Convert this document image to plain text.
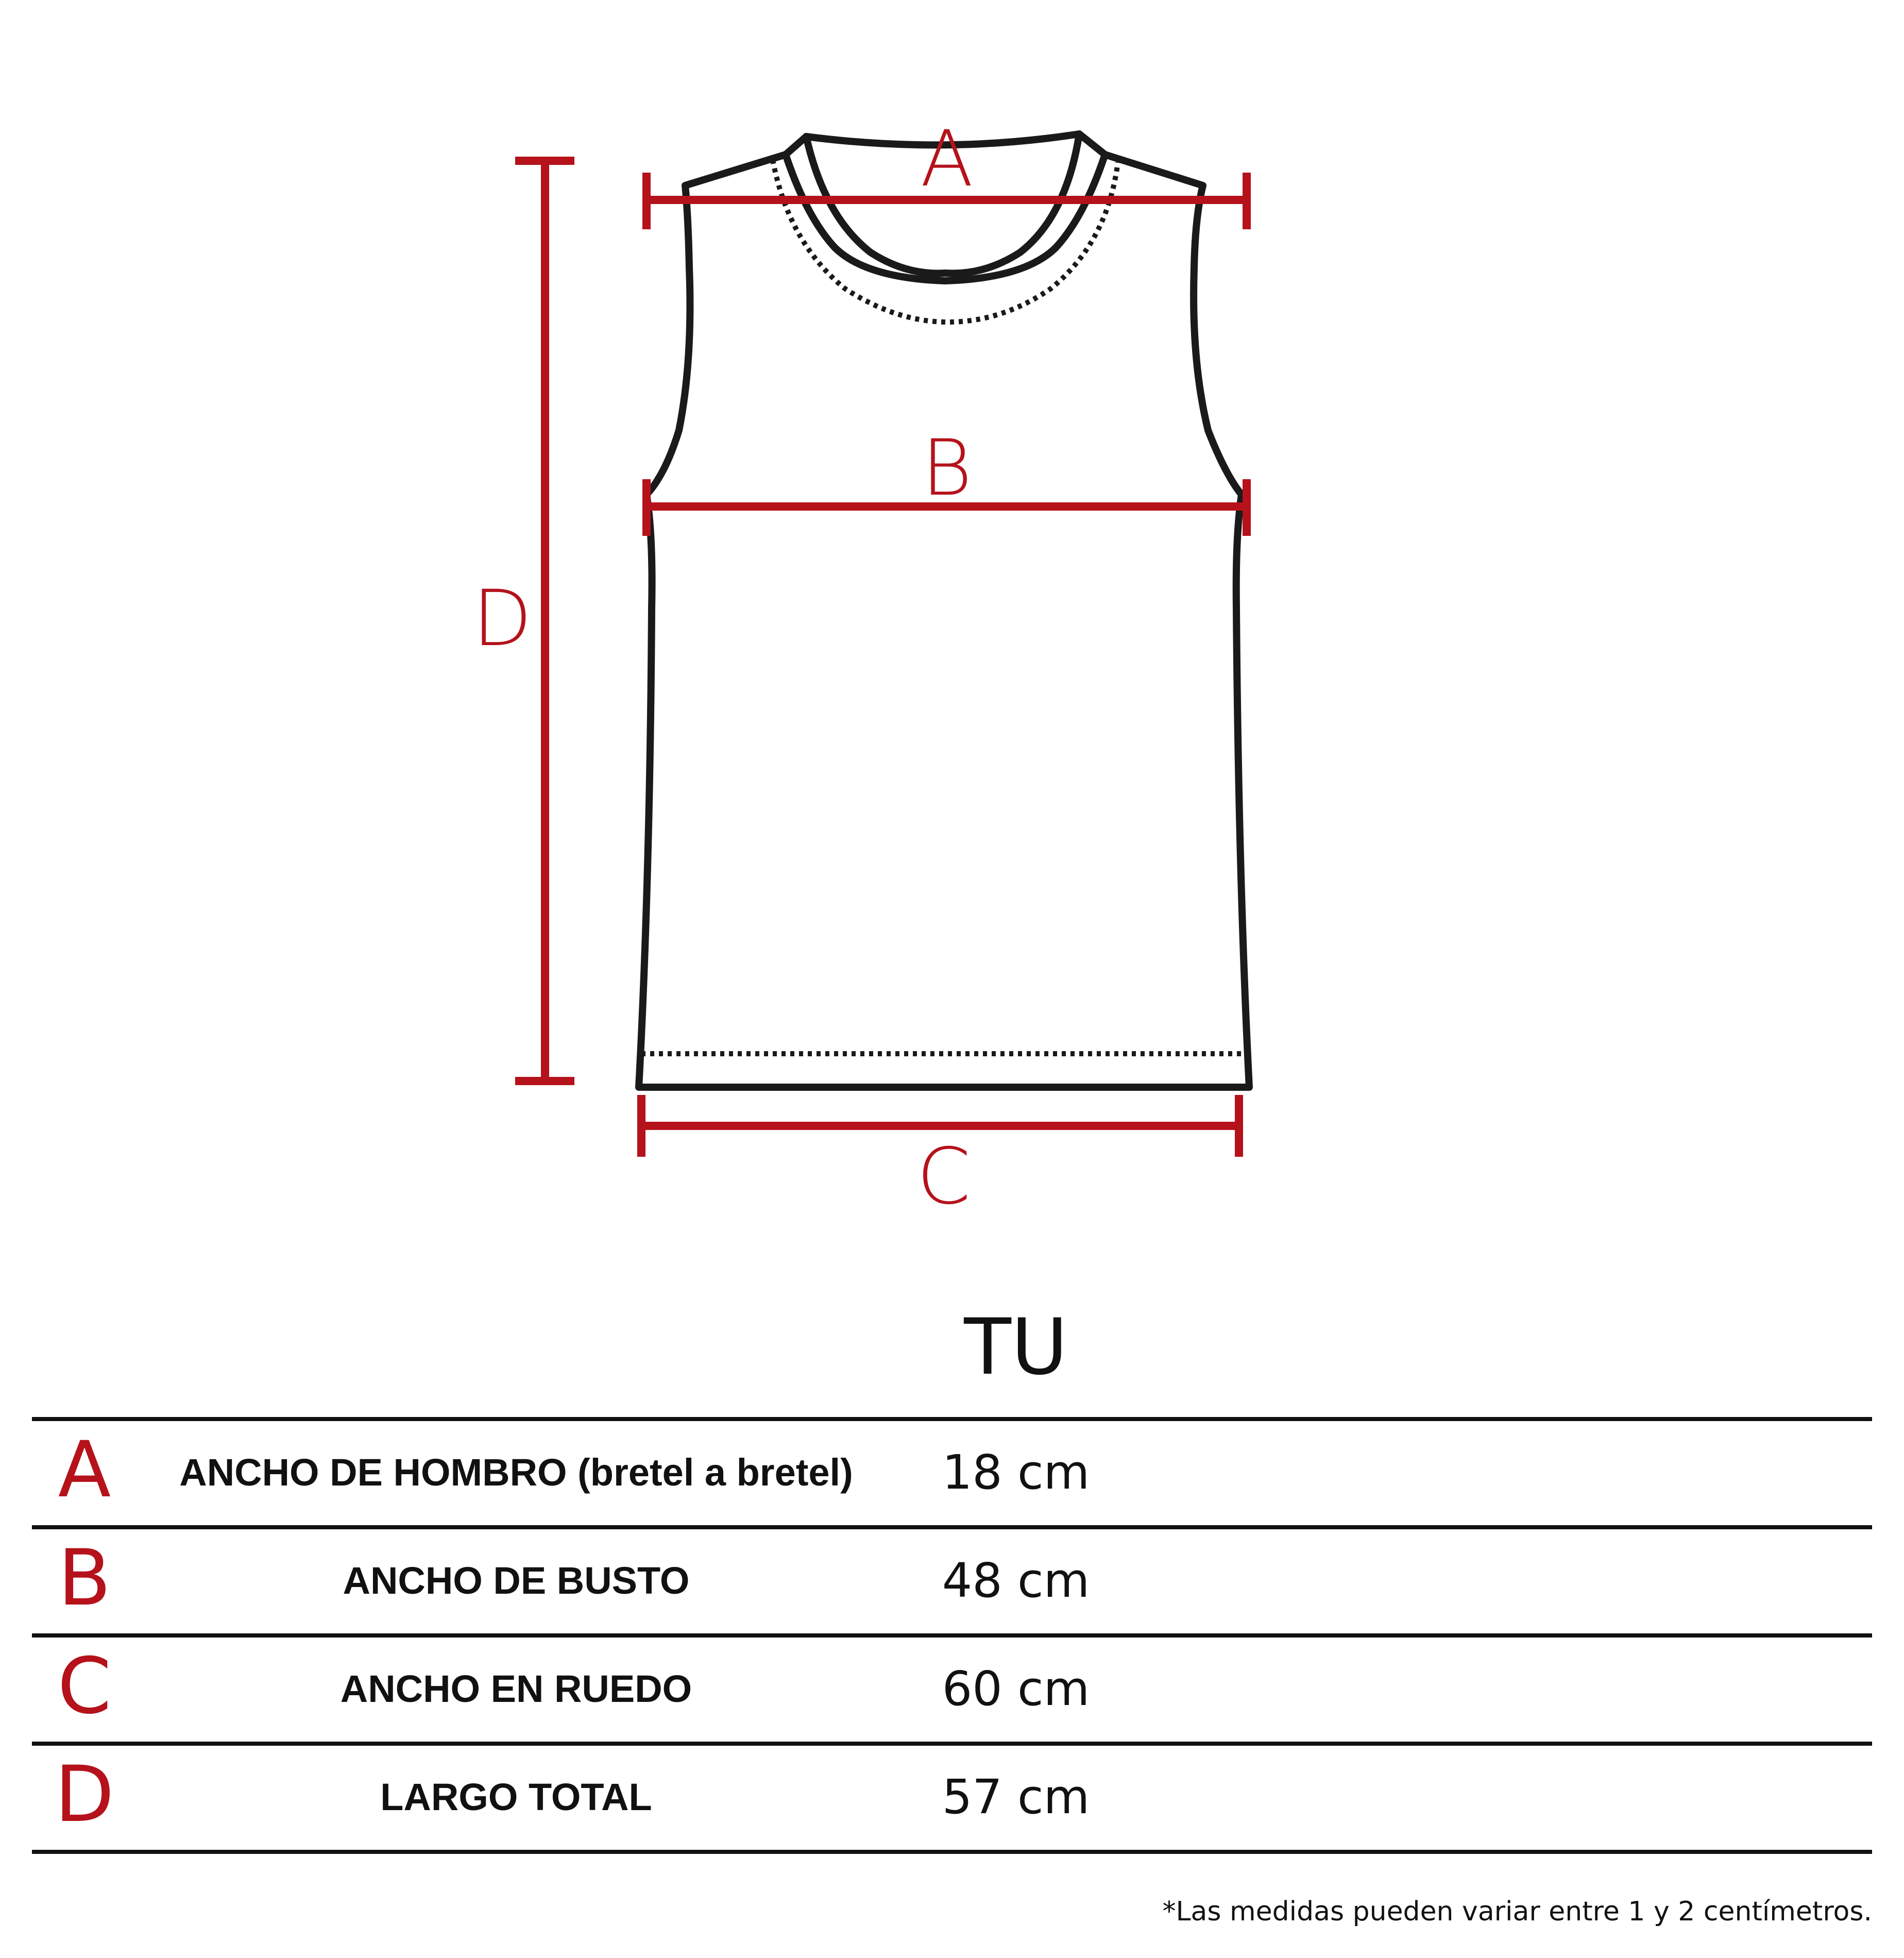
A
B
C
D
TU
A	ANCHO DE HOMBRO (bretel a bretel)	18 cm
B	ANCHO DE BUSTO	48 cm
C	ANCHO EN RUEDO	60 cm
D	LARGO TOTAL	57 cm
*Las medidas pueden variar entre 1 y 2 centímetros.
